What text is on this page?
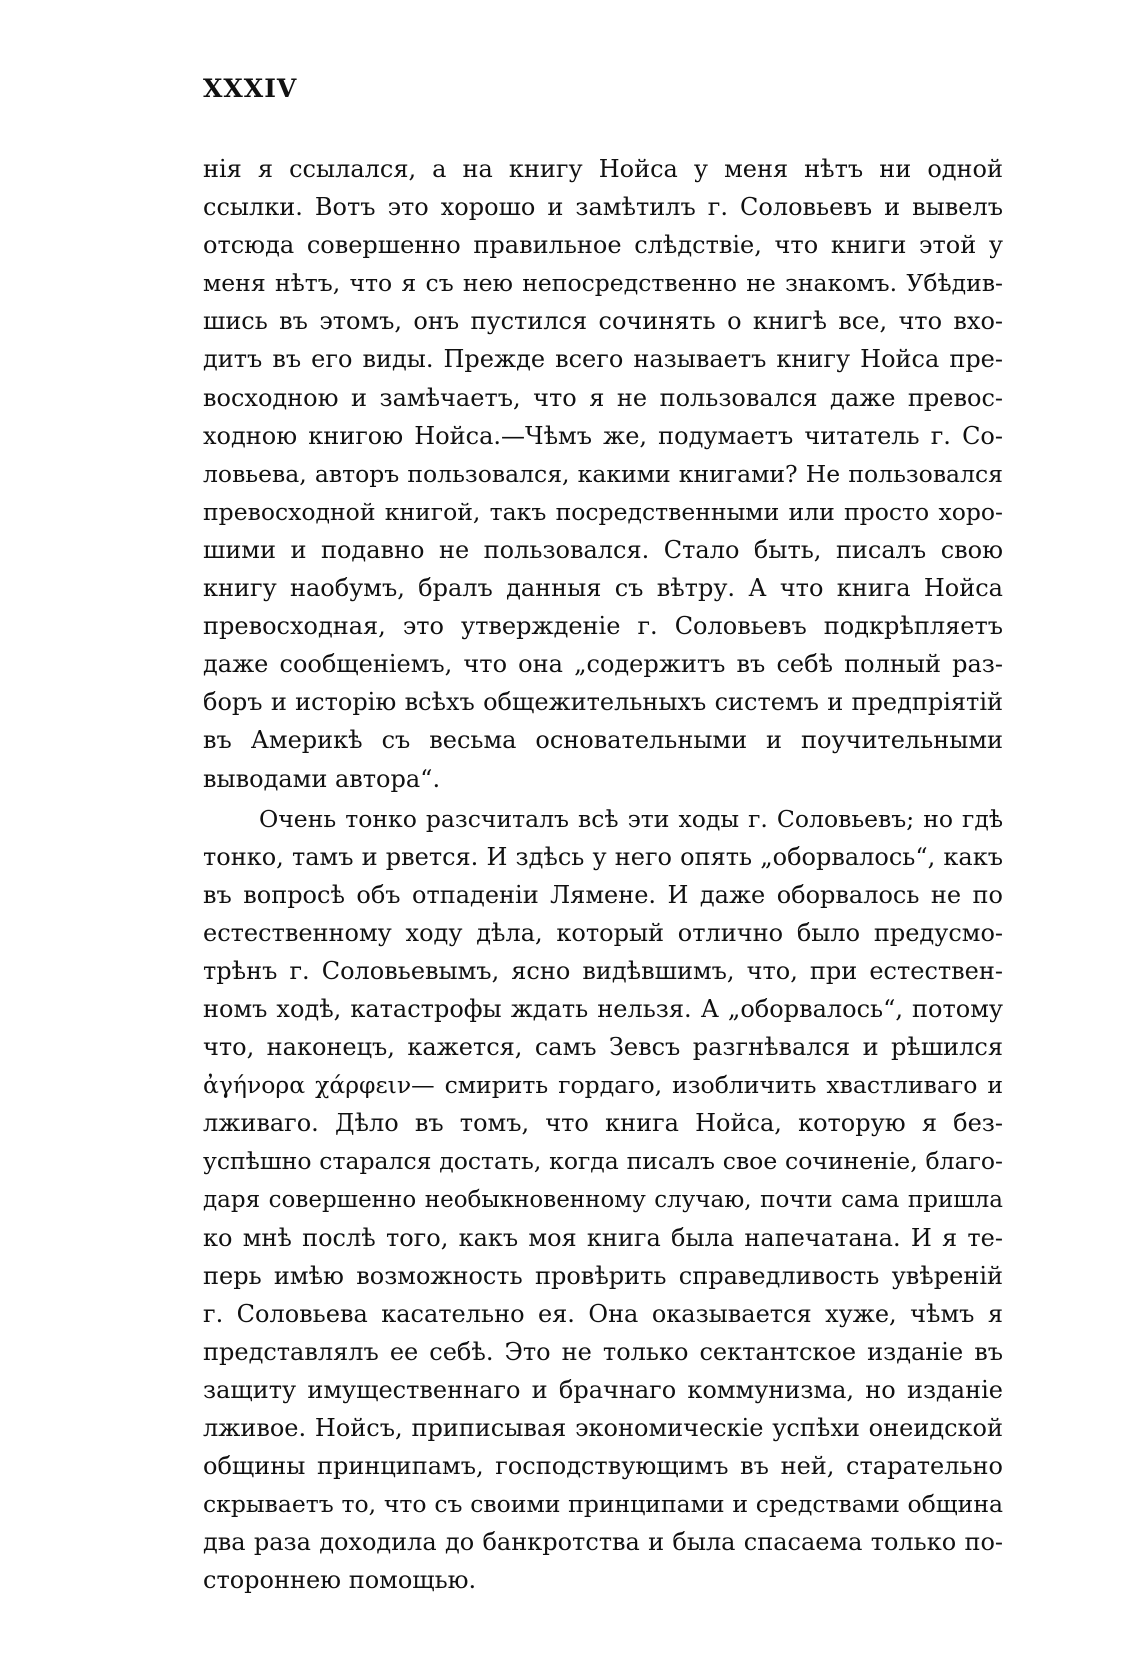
XXXIV
нія я ссылался, а на книгу Нойса у меня нѣтъ ни одной
ссылки. Вотъ это хорошо и замѣтилъ г. Соловьевъ и вывелъ
отсюда совершенно правильное слѣдствіе, что книги этой у
меня нѣтъ, что я съ нею непосредственно не знакомъ. Убѣдив-
шись въ этомъ, онъ пустился сочинять о книгѣ все, что вхо-
дитъ въ его виды. Прежде всего называетъ книгу Нойса пре-
восходною и замѣчаетъ, что я не пользовался даже превос-
ходною книгою Нойса.—Чѣмъ же, подумаетъ читатель г. Со-
ловьева, авторъ пользовался, какими книгами? Не пользовался
превосходной книгой, такъ посредственными или просто хоро-
шими и подавно не пользовался. Стало быть, писалъ свою
книгу наобумъ, бралъ данныя съ вѣтру. А что книга Нойса
превосходная, это утвержденіе г. Соловьевъ подкрѣпляетъ
даже сообщеніемъ, что она „содержитъ въ себѣ полный раз-
боръ и исторію всѣхъ общежительныхъ системъ и предпріятій
въ Америкѣ съ весьма основательными и поучительными
выводами автора“.
Очень тонко разсчиталъ всѣ эти ходы г. Соловьевъ; но гдѣ
тонко, тамъ и рвется. И здѣсь у него опять „оборвалось“, какъ
въ вопросѣ объ отпаденіи Лямене. И даже оборвалось не по
естественному ходу дѣла, который отлично было предусмо-
трѣнъ г. Соловьевымъ, ясно видѣвшимъ, что, при естествен-
номъ ходѣ, катастрофы ждать нельзя. А „оборвалось“, потому
что, наконецъ, кажется, самъ Зевсъ разгнѣвался и рѣшился
ἀγήνορα χάρφειν— смирить гордаго, изобличить хвастливаго и
лживаго. Дѣло въ томъ, что книга Нойса, которую я без-
успѣшно старался достать, когда писалъ свое сочиненіе, благо-
даря совершенно необыкновенному случаю, почти сама пришла
ко мнѣ послѣ того, какъ моя книга была напечатана. И я те-
перь имѣю возможность провѣрить справедливость увѣреній
г. Соловьева касательно ея. Она оказывается хуже, чѣмъ я
представлялъ ее себѣ. Это не только сектантское изданіе въ
защиту имущественнаго и брачнаго коммунизма, но изданіе
лживое. Нойсъ, приписывая экономическіе успѣхи онеидской
общины принципамъ, господствующимъ въ ней, старательно
скрываетъ то, что съ своими принципами и средствами община
два раза доходила до банкротства и была спасаема только по-
стороннею помощью.
